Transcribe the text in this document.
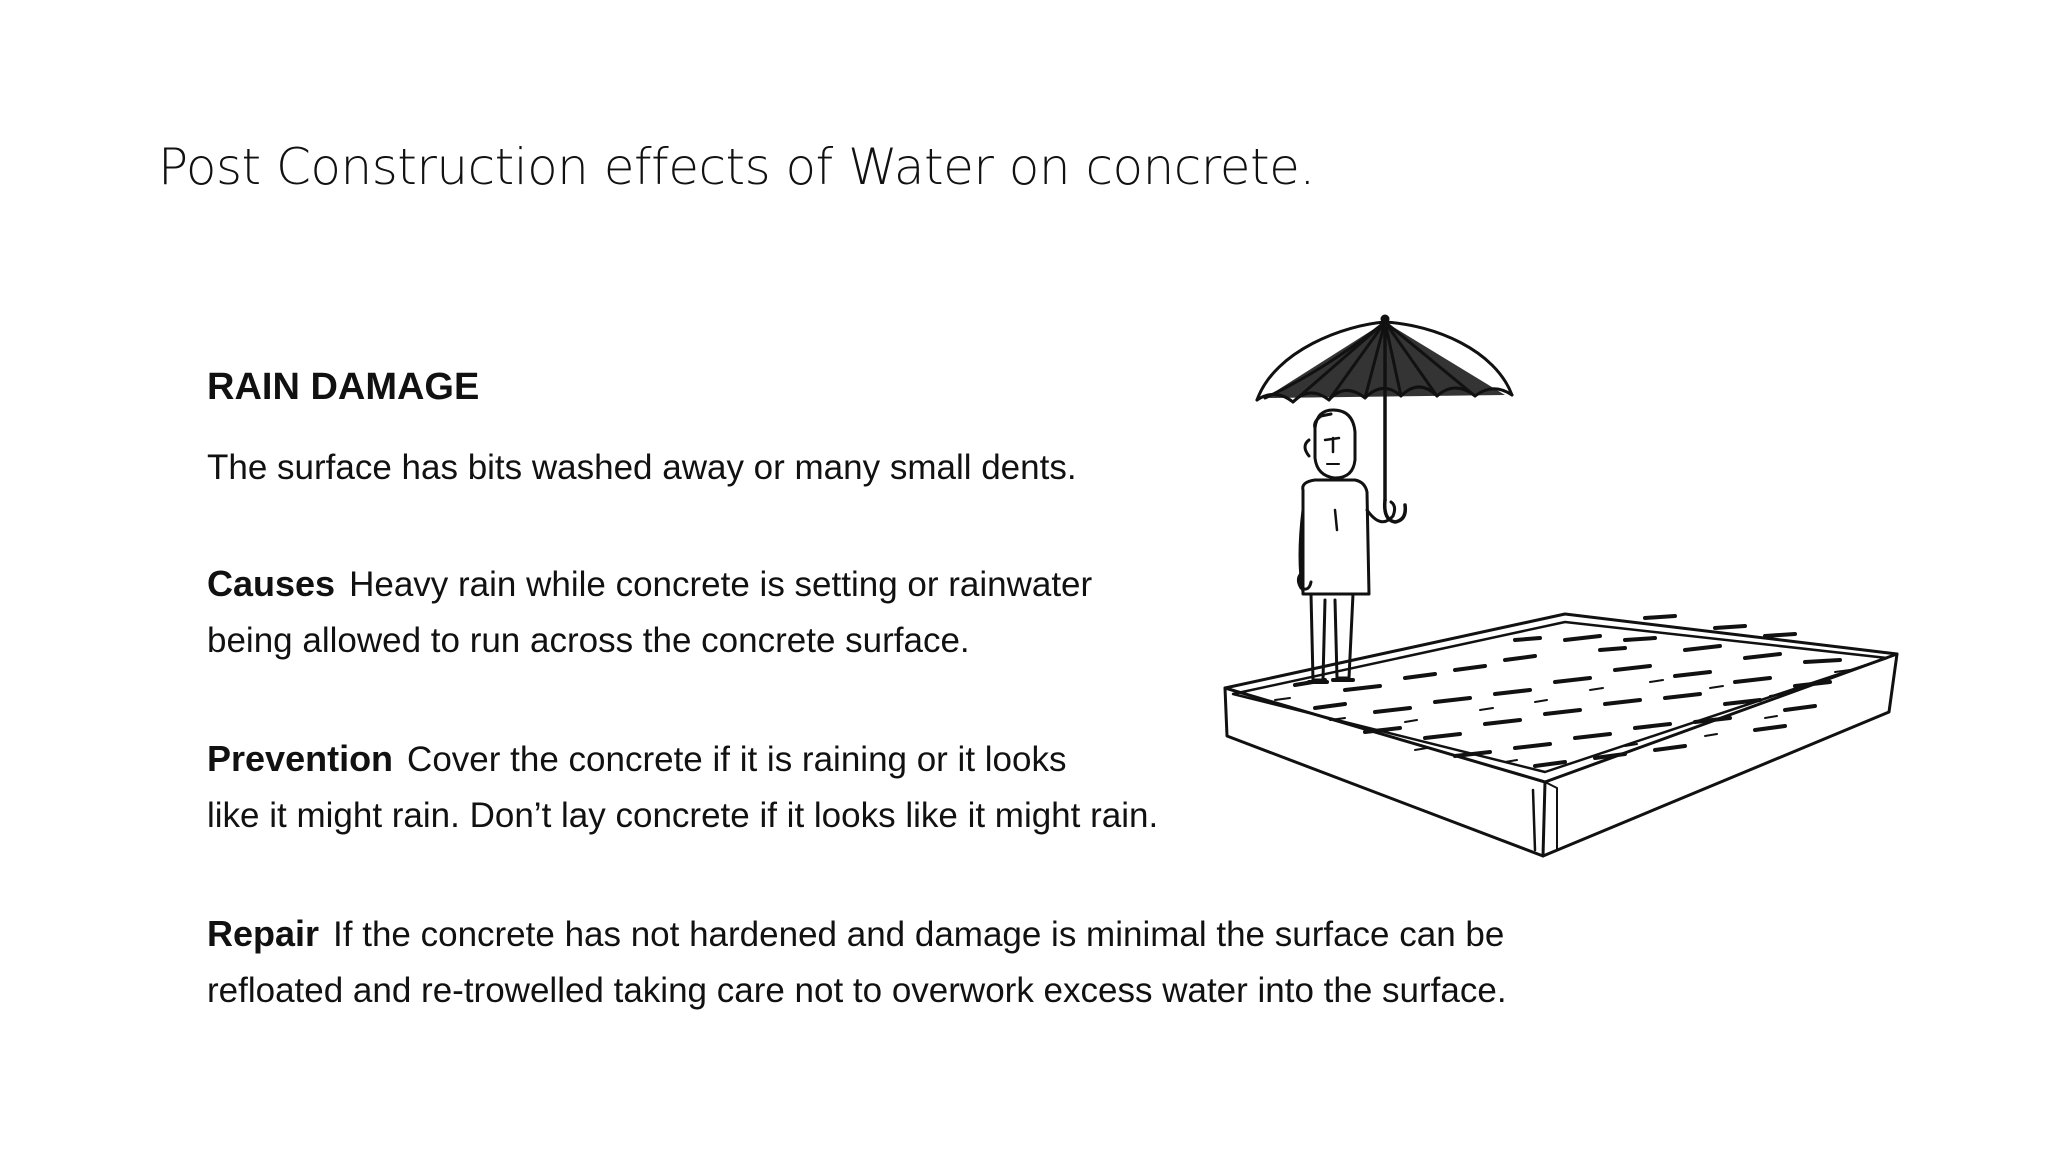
Post Construction effects of Water on concrete.
RAIN DAMAGE
The surface has bits washed away or many small dents.
Causes Heavy rain while concrete is setting or rainwater
being allowed to run across the concrete surface.
Prevention Cover the concrete if it is raining or it looks
like it might rain. Don’t lay concrete if it looks like it might rain.
Repair If the concrete has not hardened and damage is minimal the surface can be
refloated and re-trowelled taking care not to overwork excess water into the surface.
